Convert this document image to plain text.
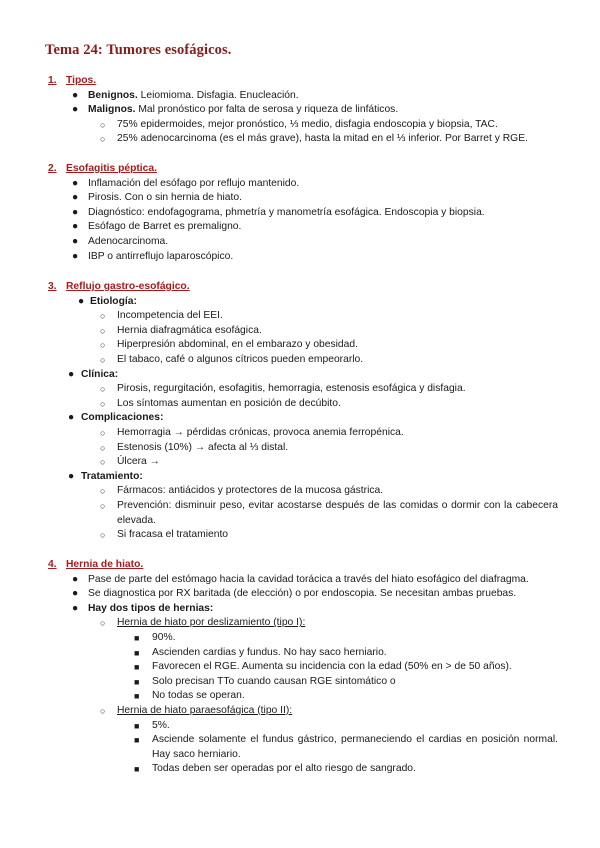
Tema 24: Tumores esofágicos.
1. Tipos.
● Benignos. Leiomioma. Disfagia. Enucleación.
● Malignos. Mal pronóstico por falta de serosa y riqueza de linfáticos.
○ 75% epidermoides, mejor pronóstico, ⅓ medio, disfagia endoscopia y biopsia, TAC.
○ 25% adenocarcinoma (es el más grave), hasta la mitad en el ⅓ inferior. Por Barret y RGE.
2. Esofagitis péptica.
● Inflamación del esófago por reflujo mantenido.
● Pirosis. Con o sin hernia de hiato.
● Diagnóstico: endofagograma, phmetría y manometría esofágica. Endoscopia y biopsia.
● Esófago de Barret es premaligno.
● Adenocarcinoma.
● IBP o antirreflujo laparoscópico.
3. Reflujo gastro-esofágico.
● Etiología:
○ Incompetencia del EEI.
○ Hernia diafragmática esofágica.
○ Hiperpresión abdominal, en el embarazo y obesidad.
○ El tabaco, café o algunos cítricos pueden empeorarlo.
● Clínica:
○ Pirosis, regurgitación, esofagitis, hemorragia, estenosis esofágica y disfagia.
○ Los síntomas aumentan en posición de decúbito.
● Complicaciones:
○ Hemorragia → pérdidas crónicas, provoca anemia ferropénica.
○ Estenosis (10%) → afecta al ⅓ distal.
○ Úlcera →
● Tratamiento:
○ Fármacos: antiácidos y protectores de la mucosa gástrica.
○ Prevención: disminuir peso, evitar acostarse después de las comidas o dormir con la cabecera elevada.
○ Si fracasa el tratamiento
4. Hernia de hiato.
● Pase de parte del estómago hacia la cavidad torácica a través del hiato esofágico del diafragma.
● Se diagnostica por RX baritada (de elección) o por endoscopia. Se necesitan ambas pruebas.
● Hay dos tipos de hernias:
○ Hernia de hiato por deslizamiento (tipo I):
■ 90%.
■ Ascienden cardias y fundus. No hay saco herniario.
■ Favorecen el RGE. Aumenta su incidencia con la edad (50% en > de 50 años).
■ Solo precisan TTo cuando causan RGE sintomático o
■ No todas se operan.
○ Hernia de hiato paraesofágica (tipo II):
■ 5%.
■ Asciende solamente el fundus gástrico, permaneciendo el cardias en posición normal. Hay saco herniario.
■ Todas deben ser operadas por el alto riesgo de sangrado.
